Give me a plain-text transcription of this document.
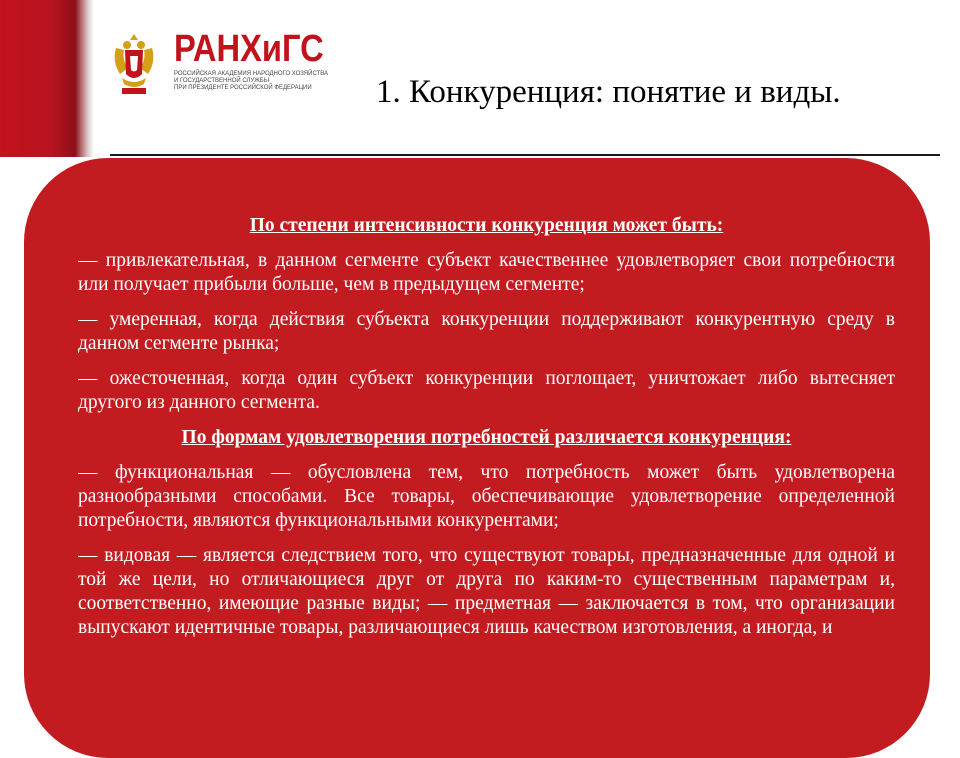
РАНХиГС
РОССИЙСКАЯ АКАДЕМИЯ НАРОДНОГО ХОЗЯЙСТВА
И ГОСУДАРСТВЕННОЙ СЛУЖБЫ
ПРИ ПРЕЗИДЕНТЕ РОССИЙСКОЙ ФЕДЕРАЦИИ 1. Конкуренция: понятие и виды.

По степени интенсивности конкуренция может быть:

— привлекательная, в данном сегменте субъект качественнее удовлетворяет свои потребности или получает прибыли больше, чем в предыдущем сегменте;

— умеренная, когда действия субъекта конкуренции поддерживают конкурентную среду в данном сегменте рынка;

— ожесточенная, когда один субъект конкуренции поглощает, уничтожает либо вытесняет другого из данного сегмента.

По формам удовлетворения потребностей различается конкуренция:

— функциональная — обусловлена тем, что потребность может быть удовлетворена разнообразными способами. Все товары, обеспечивающие удовлетворение определенной потребности, являются функциональными конкурентами;

— видовая — является следствием того, что существуют товары, предназначенные для одной и той же цели, но отличающиеся друг от друга по каким-то существенным параметрам и, соответственно, имеющие разные виды; — предметная — заключается в том, что организации выпускают идентичные товары, различающиеся лишь качеством изготовления, а иногда, и
